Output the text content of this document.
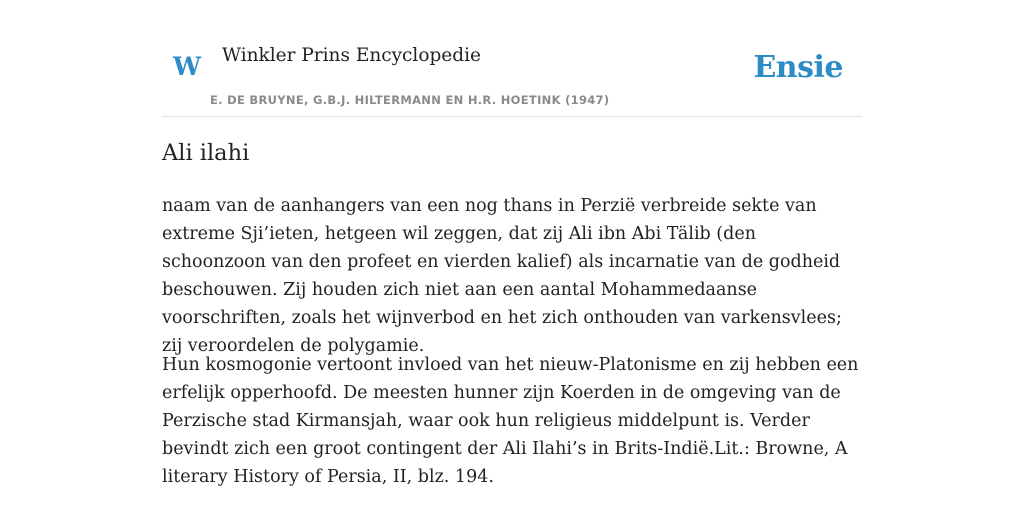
W Winkler Prins Encyclopedie
E. DE BRUYNE, G.B.J. HILTERMANN EN H.R. HOETINK (1947)
Ensie
Ali ilahi

naam van de aanhangers van een nog thans in Perzië verbreide sekte van extreme Sji’ieten, hetgeen wil zeggen, dat zij Ali ibn Abi Tälib (den schoonzoon van den profeet en vierden kalief) als incarnatie van de godheid beschouwen. Zij houden zich niet aan een aantal Mohammedaanse voorschriften, zoals het wijnverbod en het zich onthouden van varkensvlees; zij veroordelen de polygamie.

Hun kosmogonie vertoont invloed van het nieuw-Platonisme en zij hebben een erfelijk opperhoofd. De meesten hunner zijn Koerden in de omgeving van de Perzische stad Kirmansjah, waar ook hun religieus middelpunt is. Verder bevindt zich een groot contingent der Ali Ilahi’s in Brits-Indië.Lit.: Browne, A literary History of Persia, II, blz. 194.
